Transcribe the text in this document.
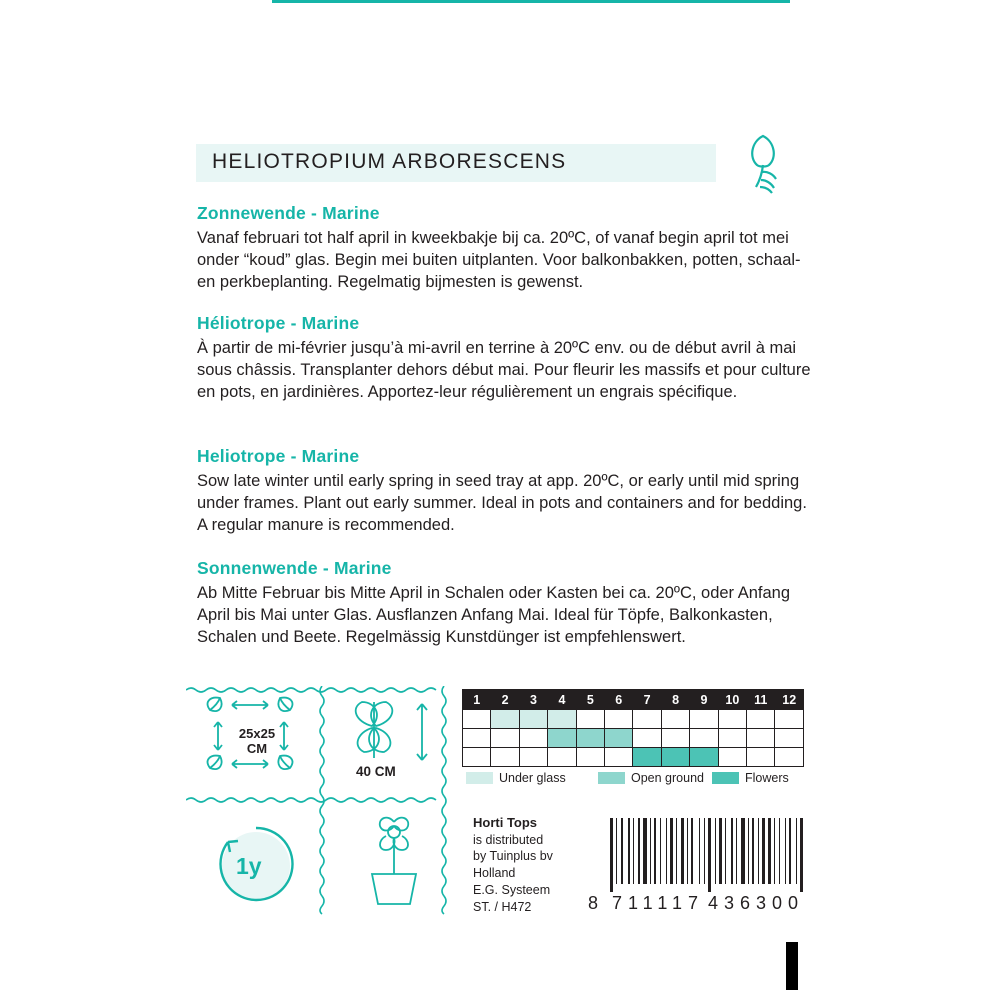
HELIOTROPIUM ARBORESCENS

Zonnewende - Marine

Vanaf februari tot half april in kweekbakje bij ca. 20ºC, of vanaf begin april tot mei onder “koud” glas. Begin mei buiten uitplanten. Voor balkonbakken, potten, schaal- en perkbeplanting. Regelmatig bijmesten is gewenst.

Héliotrope - Marine

À partir de mi-février jusqu’à mi-avril en terrine à 20ºC env. ou de début avril à mai sous châssis. Transplanter dehors début mai. Pour fleurir les massifs et pour culture en pots, en jardinières. Apportez-leur régulièrement un engrais spécifique.

Heliotrope - Marine

Sow late winter until early spring in seed tray at app. 20ºC, or early until mid spring under frames. Plant out early summer. Ideal in pots and containers and for bedding. A regular manure is recommended.

Sonnenwende - Marine

Ab Mitte Februar bis Mitte April in Schalen oder Kasten bei ca. 20ºC, oder Anfang April bis Mai unter Glas. Ausflanzen Anfang Mai. Ideal für Töpfe, Balkonkasten, Schalen und Beete. Regelmässig Kunstdünger ist empfehlenswert.

25x25
CM
40 CM
1y
1	2	3	4	5	6	7	8	9	10	11	12

Under glass	Open ground	Flowers
Horti Tops
is distributed
by Tuinplus bv
Holland
E.G. Systeem
ST. / H472	8 711117 436300
